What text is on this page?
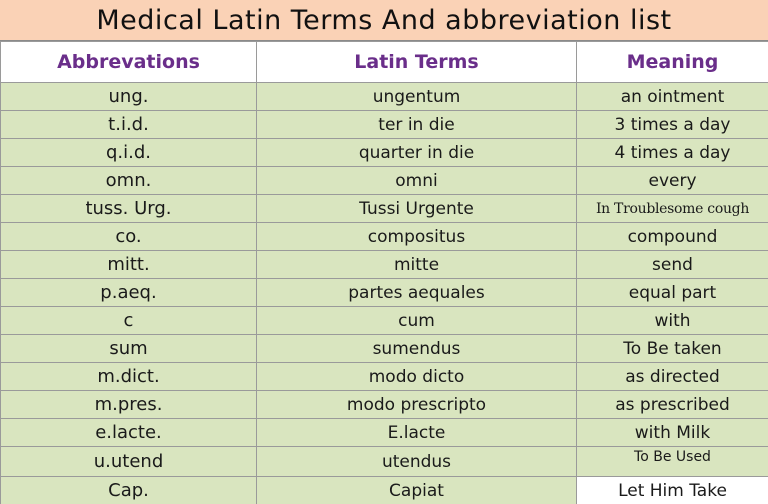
Medical Latin Terms And abbreviation list
Abbrevations	Latin Terms	Meaning
ung.	ungentum	an ointment
t.i.d.	ter in die	3 times a day
q.i.d.	quarter in die	4 times a day
omn.	omni	every
tuss. Urg.	Tussi Urgente	In Troublesome cough
co.	compositus	compound
mitt.	mitte	send
p.aeq.	partes aequales	equal part
c	cum	with
sum	sumendus	To Be taken
m.dict.	modo dicto	as directed
m.pres.	modo prescripto	as prescribed
e.lacte.	E.lacte	with Milk
u.utend	utendus	To Be Used
Cap.	Capiat	Let Him Take
